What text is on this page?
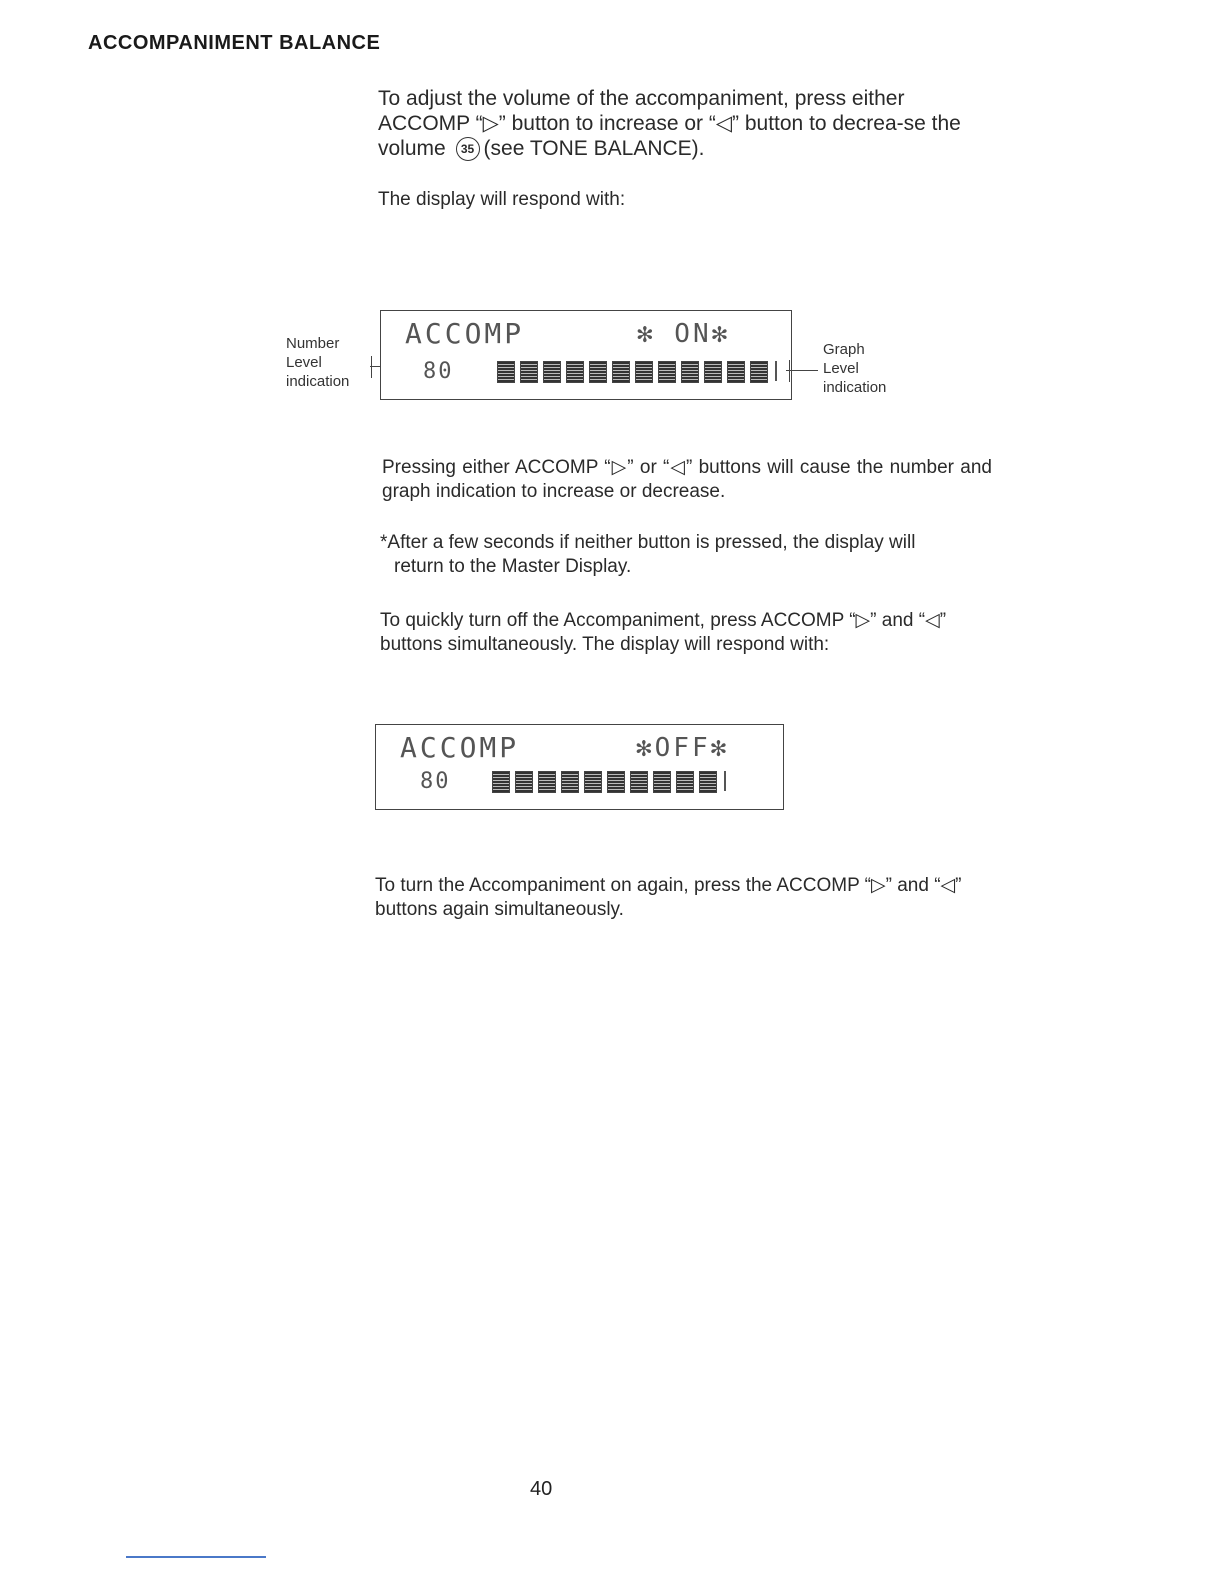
ACCOMPANIMENT BALANCE

To adjust the volume of the accompaniment, press either ACCOMP “▷” button to increase or “◁” button to decrea-se the volume 35 (see TONE BALANCE).

The display will respond with:

Number
Level
indication
ACCOMP	✻ ON✻
80
Graph
Level
indication

Pressing either ACCOMP “▷” or “◁” buttons will cause the number and graph indication to increase or decrease.

*After a few seconds if neither button is pressed, the display will
return to the Master Display.

To quickly turn off the Accompaniment, press ACCOMP “▷” and “◁” buttons simultaneously. The display will respond with:

ACCOMP	✻OFF✻
80

To turn the Accompaniment on again, press the ACCOMP “▷” and “◁” buttons again simultaneously.

40
